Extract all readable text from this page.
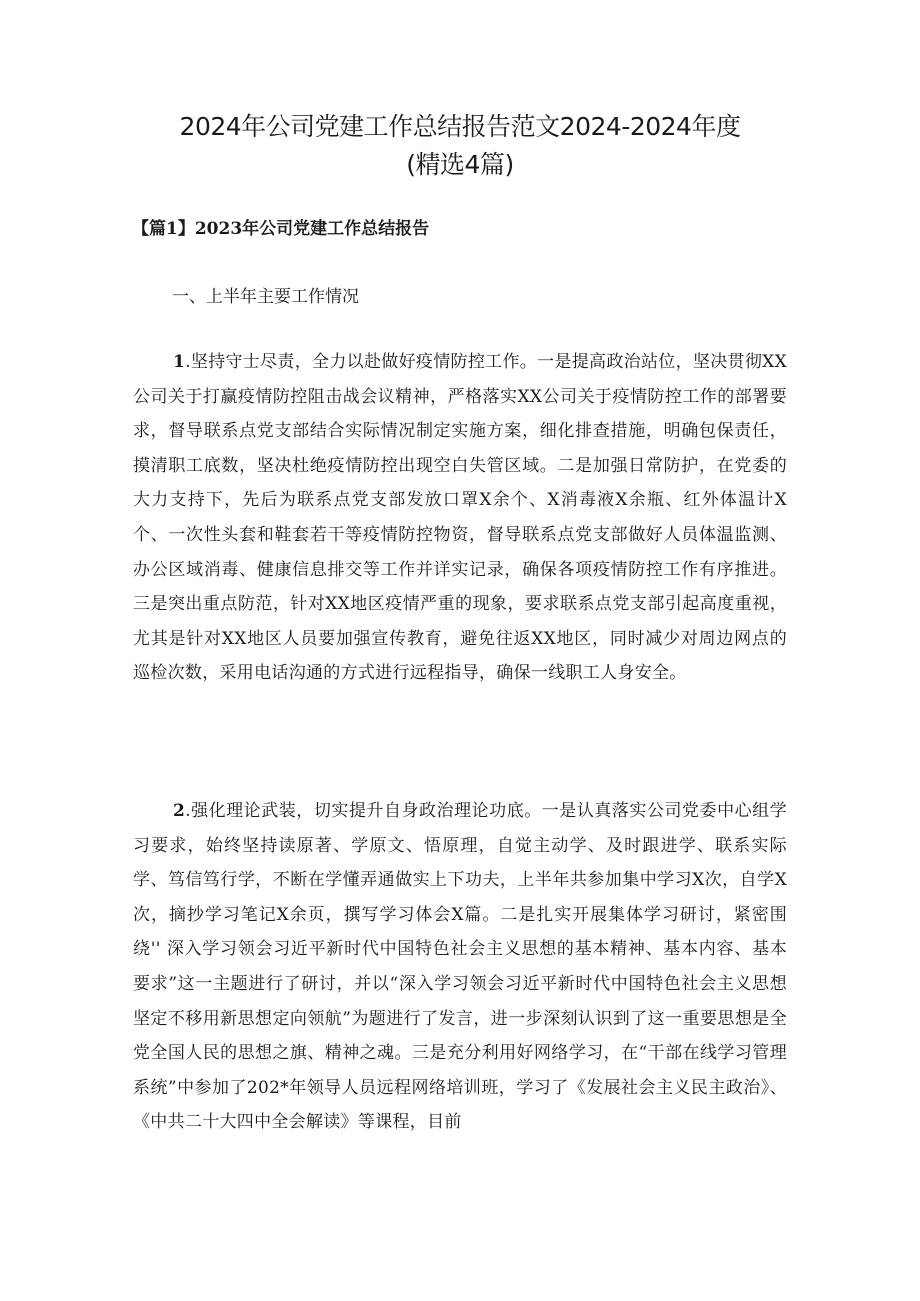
2024年公司党建工作总结报告范文2024-2024年度
(精选4篇)
【篇1】2023年公司党建工作总结报告
一、上半年主要工作情况

1.坚持守士尽责，全力以赴做好疫情防控工作。一是提高政治站位，坚决贯彻XX公司关于打赢疫情防控阻击战会议精神，严格落实XX公司关于疫情防控工作的部署要求，督导联系点党支部结合实际情况制定实施方案，细化排查措施，明确包保责任，摸清职工底数，坚决杜绝疫情防控出现空白失管区域。二是加强日常防护，在党委的大力支持下，先后为联系点党支部发放口罩X余个、X消毒液X余瓶、红外体温计X个、一次性头套和鞋套若干等疫情防控物资，督导联系点党支部做好人员体温监测、办公区域消毒、健康信息排交等工作并详实记录，确保各项疫情防控工作有序推进。三是突出重点防范，针对XX地区疫情严重的现象，要求联系点党支部引起高度重视，尤其是针对XX地区人员要加强宣传教育，避免往返XX地区，同时减少对周边网点的巡检次数，采用电话沟通的方式进行远程指导，确保一线职工人身安全。

2.强化理论武装，切实提升自身政治理论功底。一是认真落实公司党委中心组学习要求，始终坚持读原著、学原文、悟原理，自觉主动学、及时跟进学、联系实际学、笃信笃行学，不断在学懂弄通做实上下功夫，上半年共参加集中学习X次，自学X次，摘抄学习笔记X余页，撰写学习体会X篇。二是扎实开展集体学习研讨，紧密围绕'' 深入学习领会习近平新时代中国特色社会主义思想的基本精神、基本内容、基本要求”这一主题进行了研讨，并以“深入学习领会习近平新时代中国特色社会主义思想坚定不移用新思想定向领航”为题进行了发言，进一步深刻认识到了这一重要思想是全党全国人民的思想之旗、精神之魂。三是充分利用好网络学习，在“干部在线学习管理系统”中参加了202*年领导人员远程网络培训班，学习了《发展社会主义民主政治》、《中共二十大四中全会解读》等课程，目前
